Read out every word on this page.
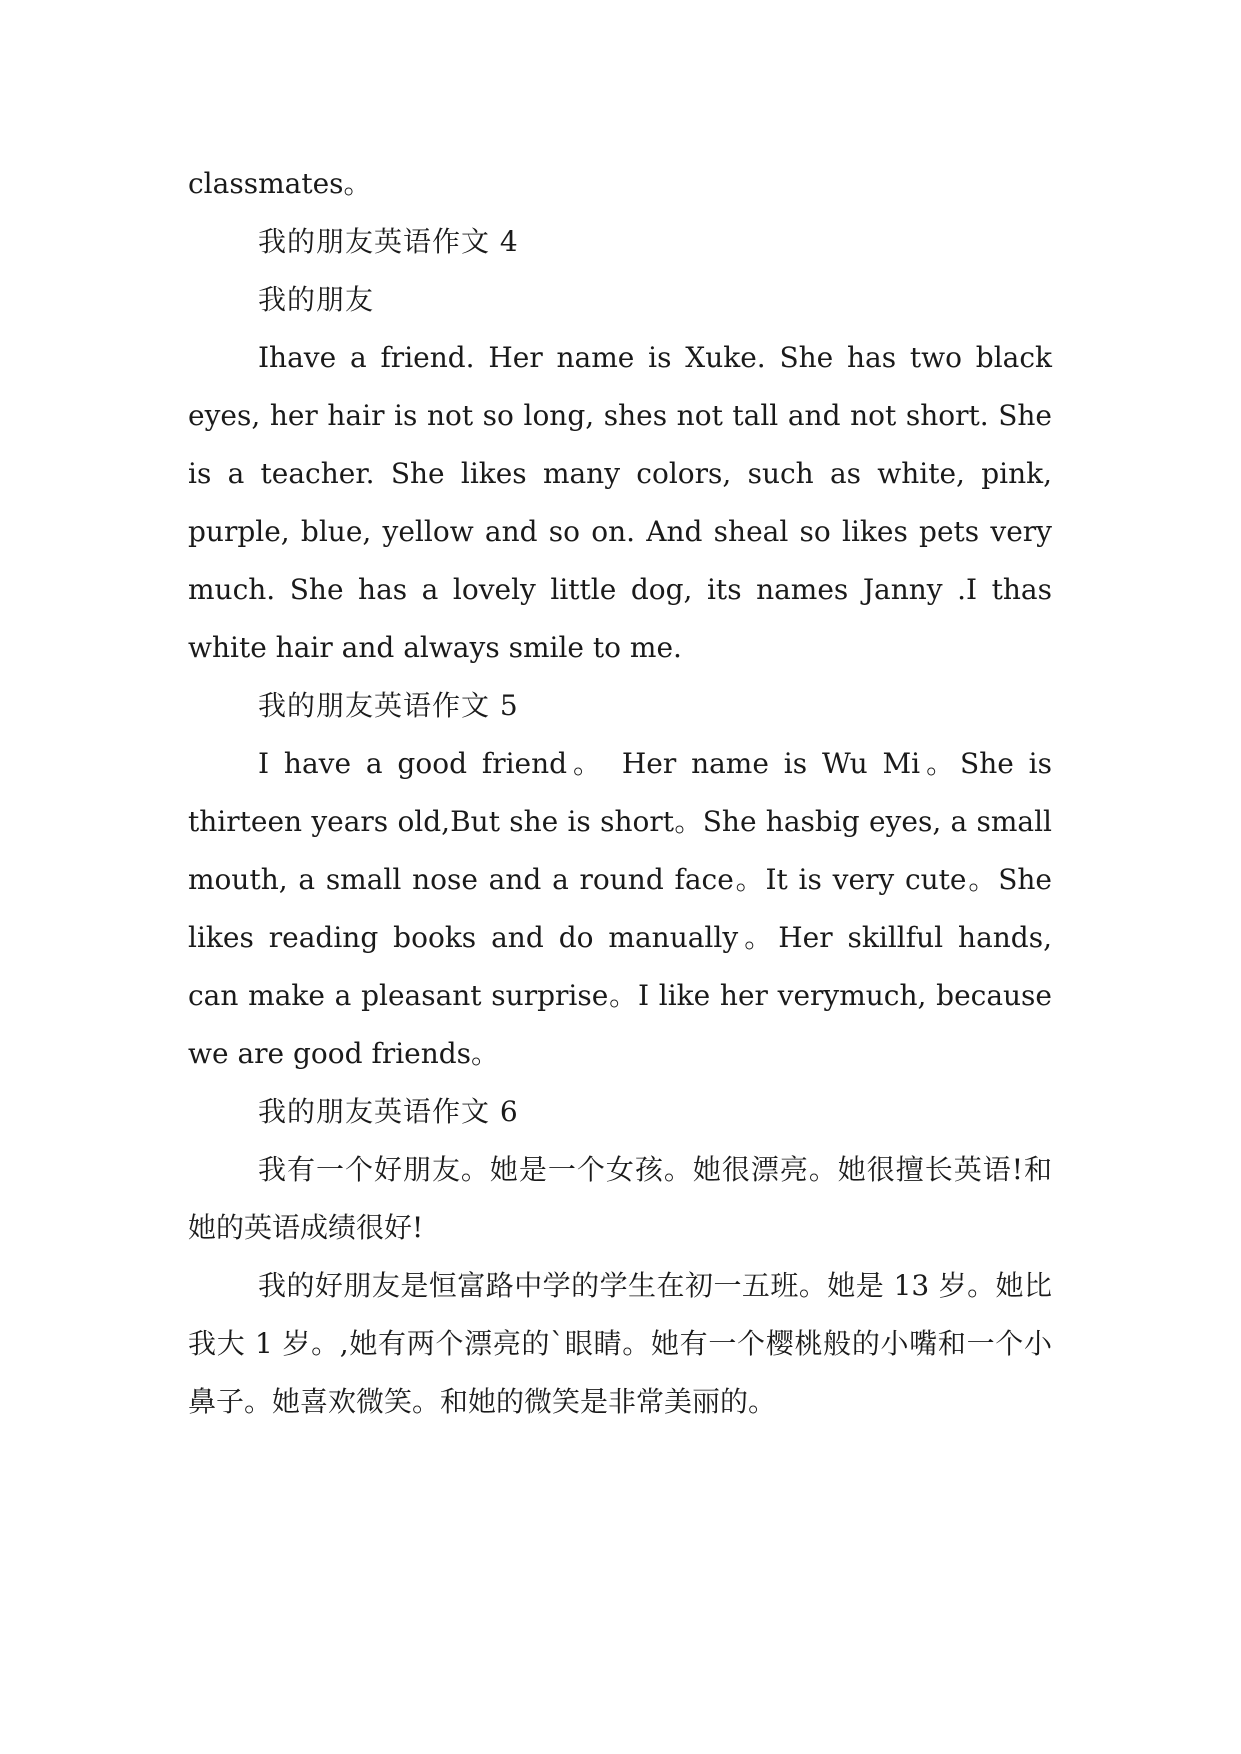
classmates。

我的朋友英语作文 4

我的朋友

Ihave a friend. Her name is Xuke. She has two black eyes, her hair is not so long, shes not tall and not short. She is a teacher. She likes many colors, such as white, pink, purple, blue, yellow and so on. And sheal so likes pets very much. She has a lovely little dog, its names Janny .I thas white hair and always smile to me.

我的朋友英语作文 5

I have a good friend。 Her name is Wu Mi。She is thirteen years old,But she is short。She hasbig eyes, a small mouth, a small nose and a round face。It is very cute。She likes reading books and do manually。Her skillful hands, can make a pleasant surprise。I like her verymuch, because we are good friends。

我的朋友英语作文 6

我有一个好朋友。她是一个女孩。她很漂亮。她很擅长英语!和她的英语成绩很好!

我的好朋友是恒富路中学的学生在初一五班。她是 13 岁。她比我大 1 岁。,她有两个漂亮的`眼睛。她有一个樱桃般的小嘴和一个小鼻子。她喜欢微笑。和她的微笑是非常美丽的。
